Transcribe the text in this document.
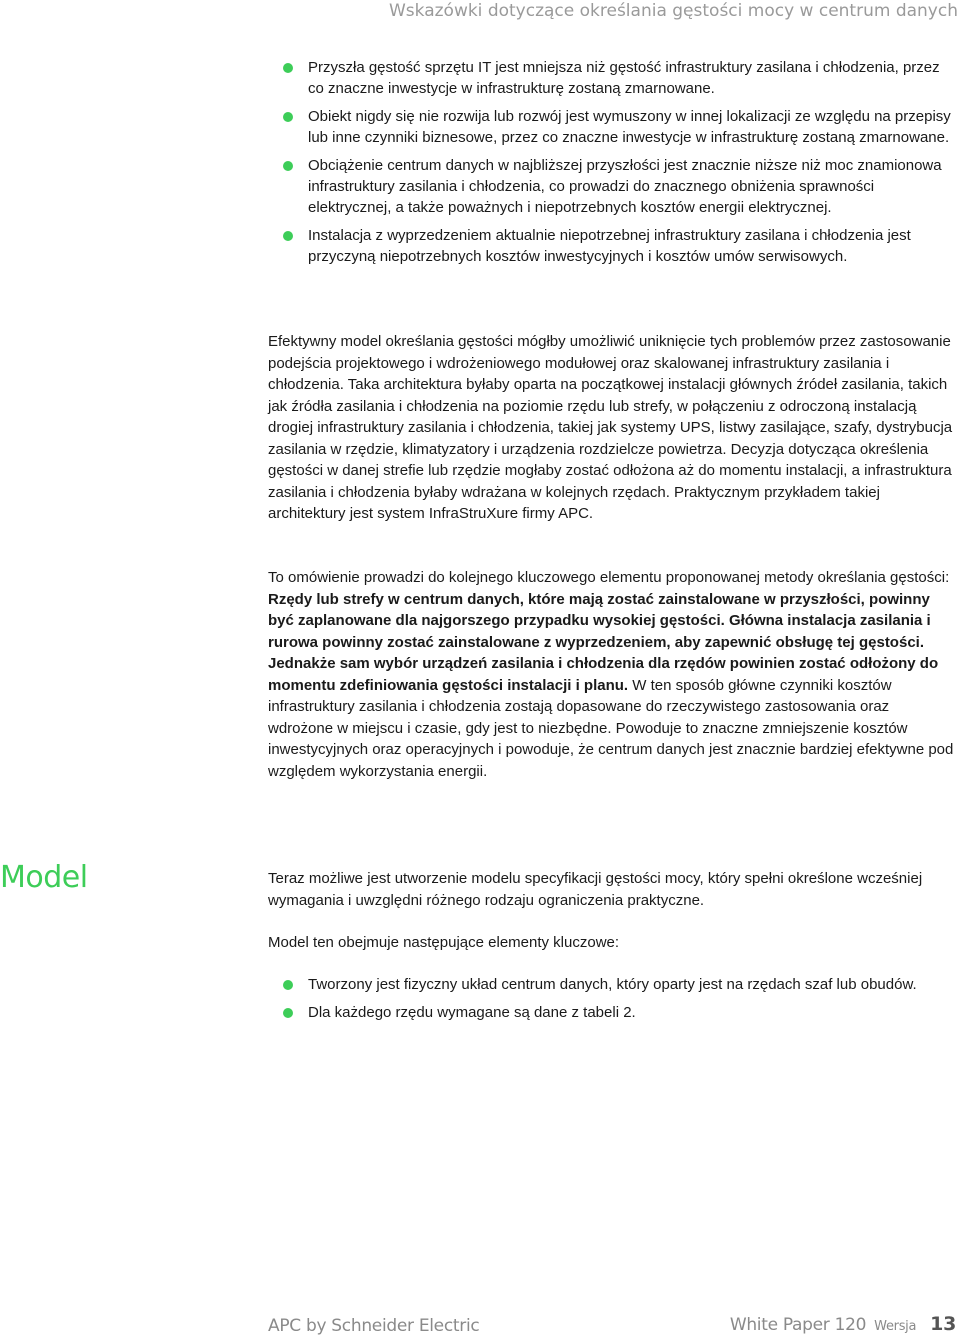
Wskazówki dotyczące określania gęstości mocy w centrum danych
Przyszła gęstość sprzętu IT jest mniejsza niż gęstość infrastruktury zasilana i chłodzenia, przez co znaczne inwestycje w infrastrukturę zostaną zmarnowane.
Obiekt nigdy się nie rozwija lub rozwój jest wymuszony w innej lokalizacji ze względu na przepisy lub inne czynniki biznesowe, przez co znaczne inwestycje w infrastrukturę zostaną zmarnowane.
Obciążenie centrum danych w najbliższej przyszłości jest znacznie niższe niż moc znamionowa infrastruktury zasilania i chłodzenia, co prowadzi do znacznego obniżenia sprawności elektrycznej, a także poważnych i niepotrzebnych kosztów energii elektrycznej.
Instalacja z wyprzedzeniem aktualnie niepotrzebnej infrastruktury zasilana i chłodzenia jest przyczyną niepotrzebnych kosztów inwestycyjnych i kosztów umów serwisowych.

Efektywny model określania gęstości mógłby umożliwić uniknięcie tych problemów przez zastosowanie podejścia projektowego i wdrożeniowego modułowej oraz skalowanej infrastruktury zasilania i chłodzenia. Taka architektura byłaby oparta na początkowej instalacji głównych źródeł zasilania, takich jak źródła zasilania i chłodzenia na poziomie rzędu lub strefy, w połączeniu z odroczoną instalacją drogiej infrastruktury zasilania i chłodzenia, takiej jak systemy UPS, listwy zasilające, szafy, dystrybucja zasilania w rzędzie, klimatyzatory i urządzenia rozdzielcze powietrza. Decyzja dotycząca określenia gęstości w danej strefie lub rzędzie mogłaby zostać odłożona aż do momentu instalacji, a infrastruktura zasilania i chłodzenia byłaby wdrażana w kolejnych rzędach. Praktycznym przykładem takiej architektury jest system InfraStruXure firmy APC.

To omówienie prowadzi do kolejnego kluczowego elementu proponowanej metody określania gęstości: Rzędy lub strefy w centrum danych, które mają zostać zainstalowane w przyszłości, powinny być zaplanowane dla najgorszego przypadku wysokiej gęstości. Główna instalacja zasilania i rurowa powinny zostać zainstalowane z wyprzedzeniem, aby zapewnić obsługę tej gęstości. Jednakże sam wybór urządzeń zasilania i chłodzenia dla rzędów powinien zostać odłożony do momentu zdefiniowania gęstości instalacji i planu. W ten sposób główne czynniki kosztów infrastruktury zasilania i chłodzenia zostają dopasowane do rzeczywistego zastosowania oraz wdrożone w miejscu i czasie, gdy jest to niezbędne. Powoduje to znaczne zmniejszenie kosztów inwestycyjnych oraz operacyjnych i powoduje, że centrum danych jest znacznie bardziej efektywne pod względem wykorzystania energii.

Model	Teraz możliwe jest utworzenie modelu specyfikacji gęstości mocy, który spełni określone wcześniej wymagania i uwzględni różnego rodzaju ograniczenia praktyczne.

Model ten obejmuje następujące elementy kluczowe:

Tworzony jest fizyczny układ centrum danych, który oparty jest na rzędach szaf lub obudów.
Dla każdego rzędu wymagane są dane z tabeli 2.
APC by Schneider Electric	White Paper 120 Wersja 13
